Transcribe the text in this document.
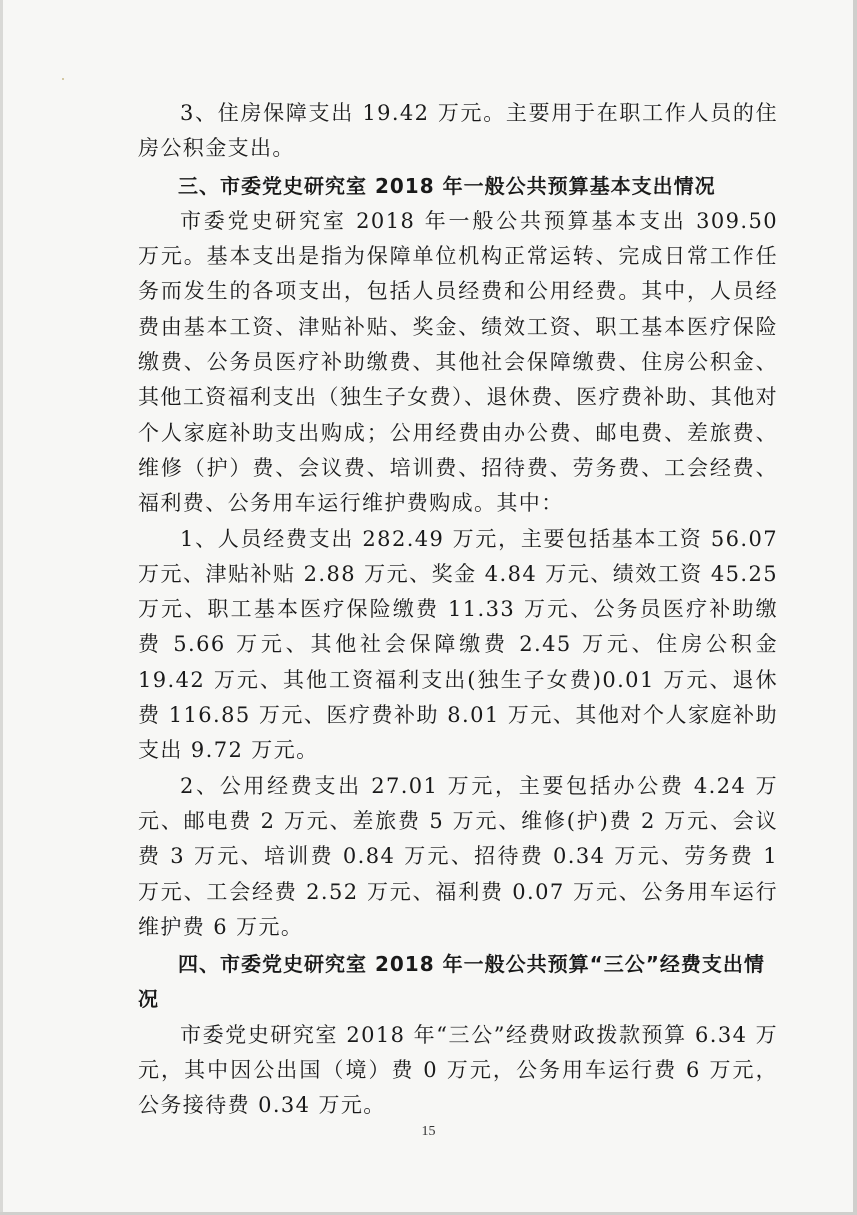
3、住房保障支出 19.42 万元。主要用于在职工作人员的住房公积金支出。

三、市委党史研究室 2018 年一般公共预算基本支出情况

市委党史研究室 2018 年一般公共预算基本支出 309.50 万元。基本支出是指为保障单位机构正常运转、完成日常工作任务而发生的各项支出，包括人员经费和公用经费。其中，人员经费由基本工资、津贴补贴、奖金、绩效工资、职工基本医疗保险缴费、公务员医疗补助缴费、其他社会保障缴费、住房公积金、其他工资福利支出（独生子女费）、退休费、医疗费补助、其他对个人家庭补助支出购成；公用经费由办公费、邮电费、差旅费、维修（护）费、会议费、培训费、招待费、劳务费、工会经费、福利费、公务用车运行维护费购成。其中：

1、人员经费支出 282.49 万元，主要包括基本工资 56.07 万元、津贴补贴 2.88 万元、奖金 4.84 万元、绩效工资 45.25 万元、职工基本医疗保险缴费 11.33 万元、公务员医疗补助缴费 5.66 万元、其他社会保障缴费 2.45 万元、住房公积金 19.42 万元、其他工资福利支出(独生子女费)0.01 万元、退休费 116.85 万元、医疗费补助 8.01 万元、其他对个人家庭补助支出 9.72 万元。

2、公用经费支出 27.01 万元，主要包括办公费 4.24 万元、邮电费 2 万元、差旅费 5 万元、维修(护)费 2 万元、会议费 3 万元、培训费 0.84 万元、招待费 0.34 万元、劳务费 1 万元、工会经费 2.52 万元、福利费 0.07 万元、公务用车运行维护费 6 万元。

四、市委党史研究室 2018 年一般公共预算“三公”经费支出情况

市委党史研究室 2018 年“三公”经费财政拨款预算 6.34 万元，其中因公出国（境）费 0 万元，公务用车运行费 6 万元，公务接待费 0.34 万元。

15
